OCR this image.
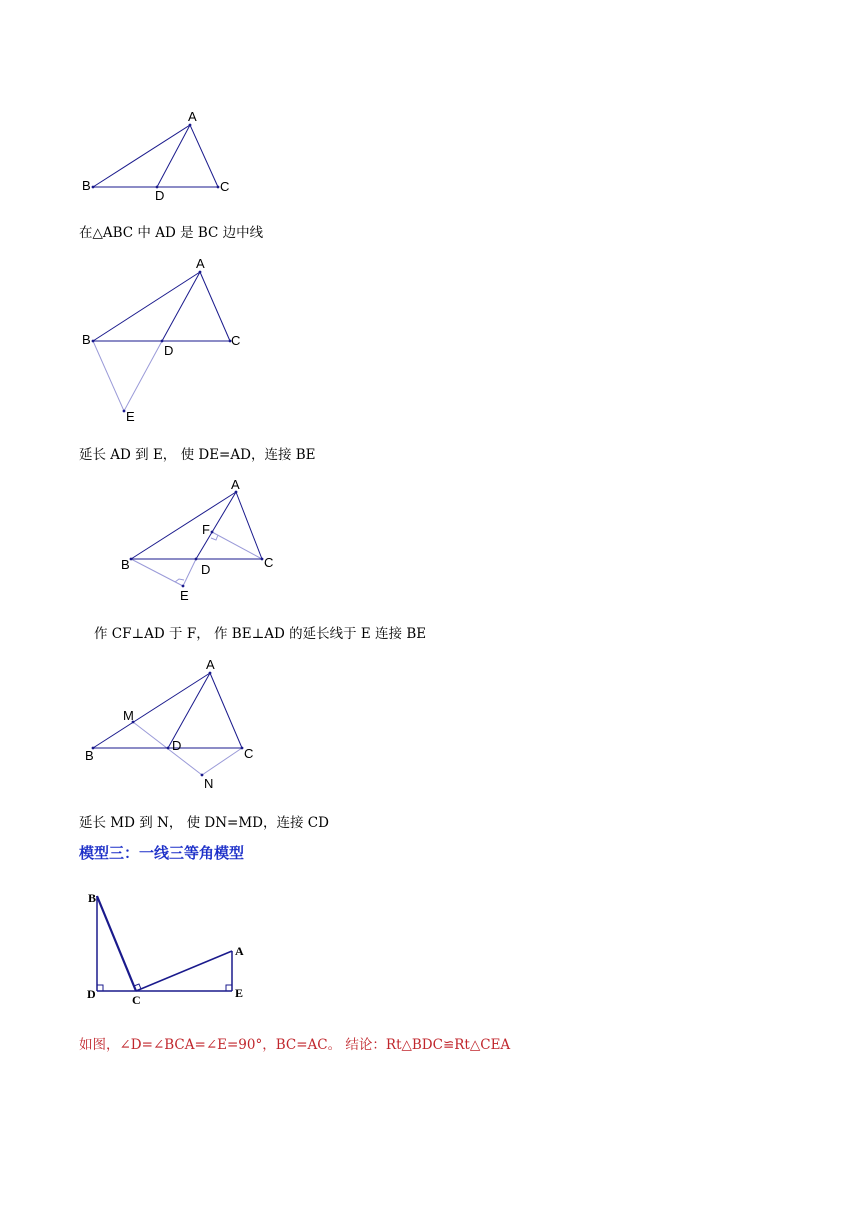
A
B	C
D
在△ABC 中 AD 是 BC 边中线
A
B	C
D
E
延长 AD 到 E， 使 DE=AD，连接 BE
A
B	C
D
F
E
作 CF⊥AD 于 F， 作 BE⊥AD 的延长线于 E 连接 BE
A
B	C
D
M
N
延长 MD 到 N， 使 DN=MD，连接 CD
模型三：一线三等角模型
B
D	C
A
E
如图，∠D=∠BCA=∠E=90°，BC=AC。 结论：Rt△BDC≌Rt△CEA
